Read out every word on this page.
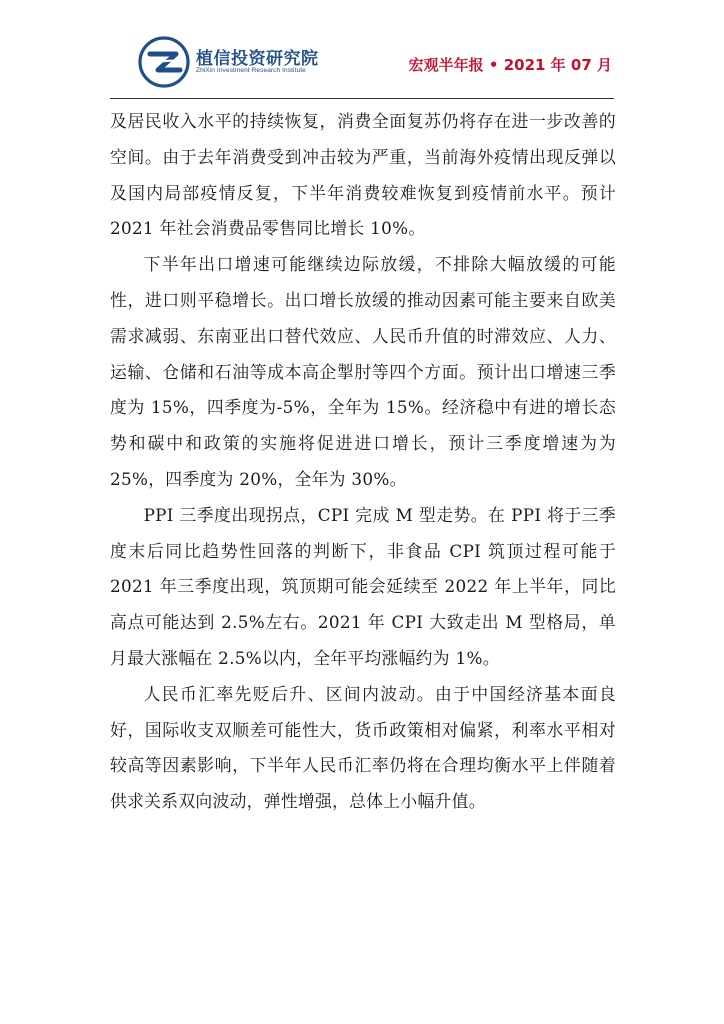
植信投资研究院
ZhiXin Investment Research Institute	宏观半年报 • 2021 年 07 月

及居民收入水平的持续恢复，消费全面复苏仍将存在进一步改善的空间。由于去年消费受到冲击较为严重，当前海外疫情出现反弹以及国内局部疫情反复，下半年消费较难恢复到疫情前水平。预计 2021 年社会消费品零售同比增长 10%。

下半年出口增速可能继续边际放缓，不排除大幅放缓的可能性，进口则平稳增长。出口增长放缓的推动因素可能主要来自欧美需求减弱、东南亚出口替代效应、人民币升值的时滞效应、人力、运输、仓储和石油等成本高企掣肘等四个方面。预计出口增速三季度为 15%，四季度为-5%，全年为 15%。经济稳中有进的增长态势和碳中和政策的实施将促进进口增长，预计三季度增速为为 25%，四季度为 20%，全年为 30%。

PPI 三季度出现拐点，CPI 完成 M 型走势。在 PPI 将于三季度末后同比趋势性回落的判断下，非食品 CPI 筑顶过程可能于 2021 年三季度出现，筑顶期可能会延续至 2022 年上半年，同比高点可能达到 2.5%左右。2021 年 CPI 大致走出 M 型格局，单月最大涨幅在 2.5%以内，全年平均涨幅约为 1%。

人民币汇率先贬后升、区间内波动。由于中国经济基本面良好，国际收支双顺差可能性大，货币政策相对偏紧，利率水平相对较高等因素影响，下半年人民币汇率仍将在合理均衡水平上伴随着供求关系双向波动，弹性增强，总体上小幅升值。
